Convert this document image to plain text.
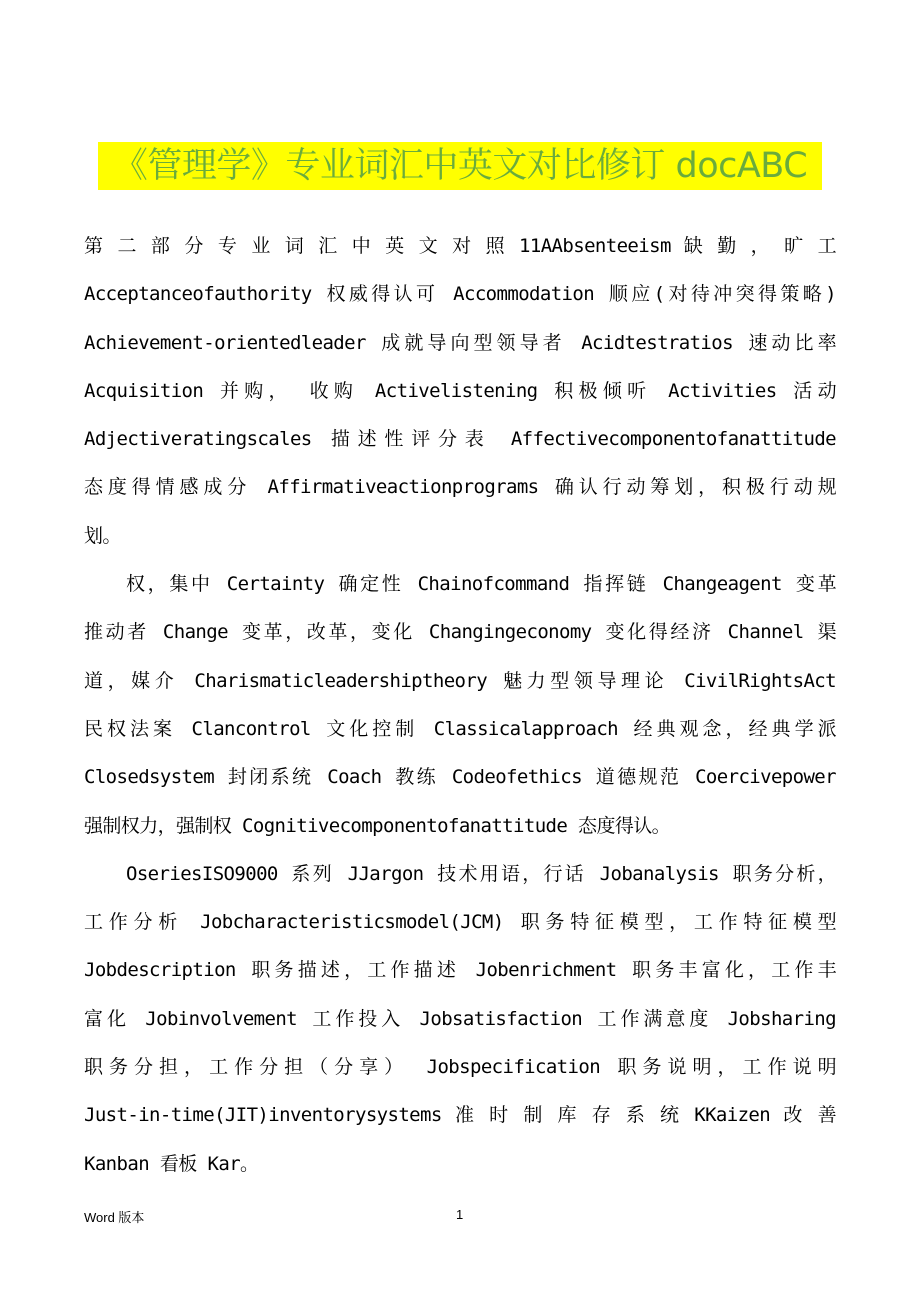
《管理学》专业词汇中英文对比修订 docABC
第 二 部 分 专 业 词 汇 中 英 文 对 照 11AAbsenteeism 缺 勤 ， 旷 工
Acceptanceofauthority 权威得认可 Accommodation 顺应(对待冲突得策略)
Achievement-orientedleader 成就导向型领导者 Acidtestratios 速动比率
Acquisition 并购， 收购 Activelistening 积极倾听 Activities 活动
Adjectiveratingscales 描述性评分表 Affectivecomponentofanattitude
态度得情感成分 Affirmativeactionprograms 确认行动筹划，积极行动规
划。
权，集中 Certainty 确定性 Chainofcommand 指挥链 Changeagent 变革
推动者 Change 变革，改革，变化 Changingeconomy 变化得经济 Channel 渠
道，媒介 Charismaticleadershiptheory 魅力型领导理论 CivilRightsAct
民权法案 Clancontrol 文化控制 Classicalapproach 经典观念，经典学派
Closedsystem 封闭系统 Coach 教练 Codeofethics 道德规范 Coercivepower
强制权力，强制权 Cognitivecomponentofanattitude 态度得认。
OseriesISO9000 系列 JJargon 技术用语，行话 Jobanalysis 职务分析，
工作分析 Jobcharacteristicsmodel(JCM) 职务特征模型，工作特征模型
Jobdescription 职务描述，工作描述 Jobenrichment 职务丰富化，工作丰
富化 Jobinvolvement 工作投入 Jobsatisfaction 工作满意度 Jobsharing
职务分担，工作分担（分享） Jobspecification 职务说明，工作说明
Just-in-time(JIT)inventorysystems 准 时 制 库 存 系 统 KKaizen 改 善
Kanban 看板 Kar。
Word 版本	1
